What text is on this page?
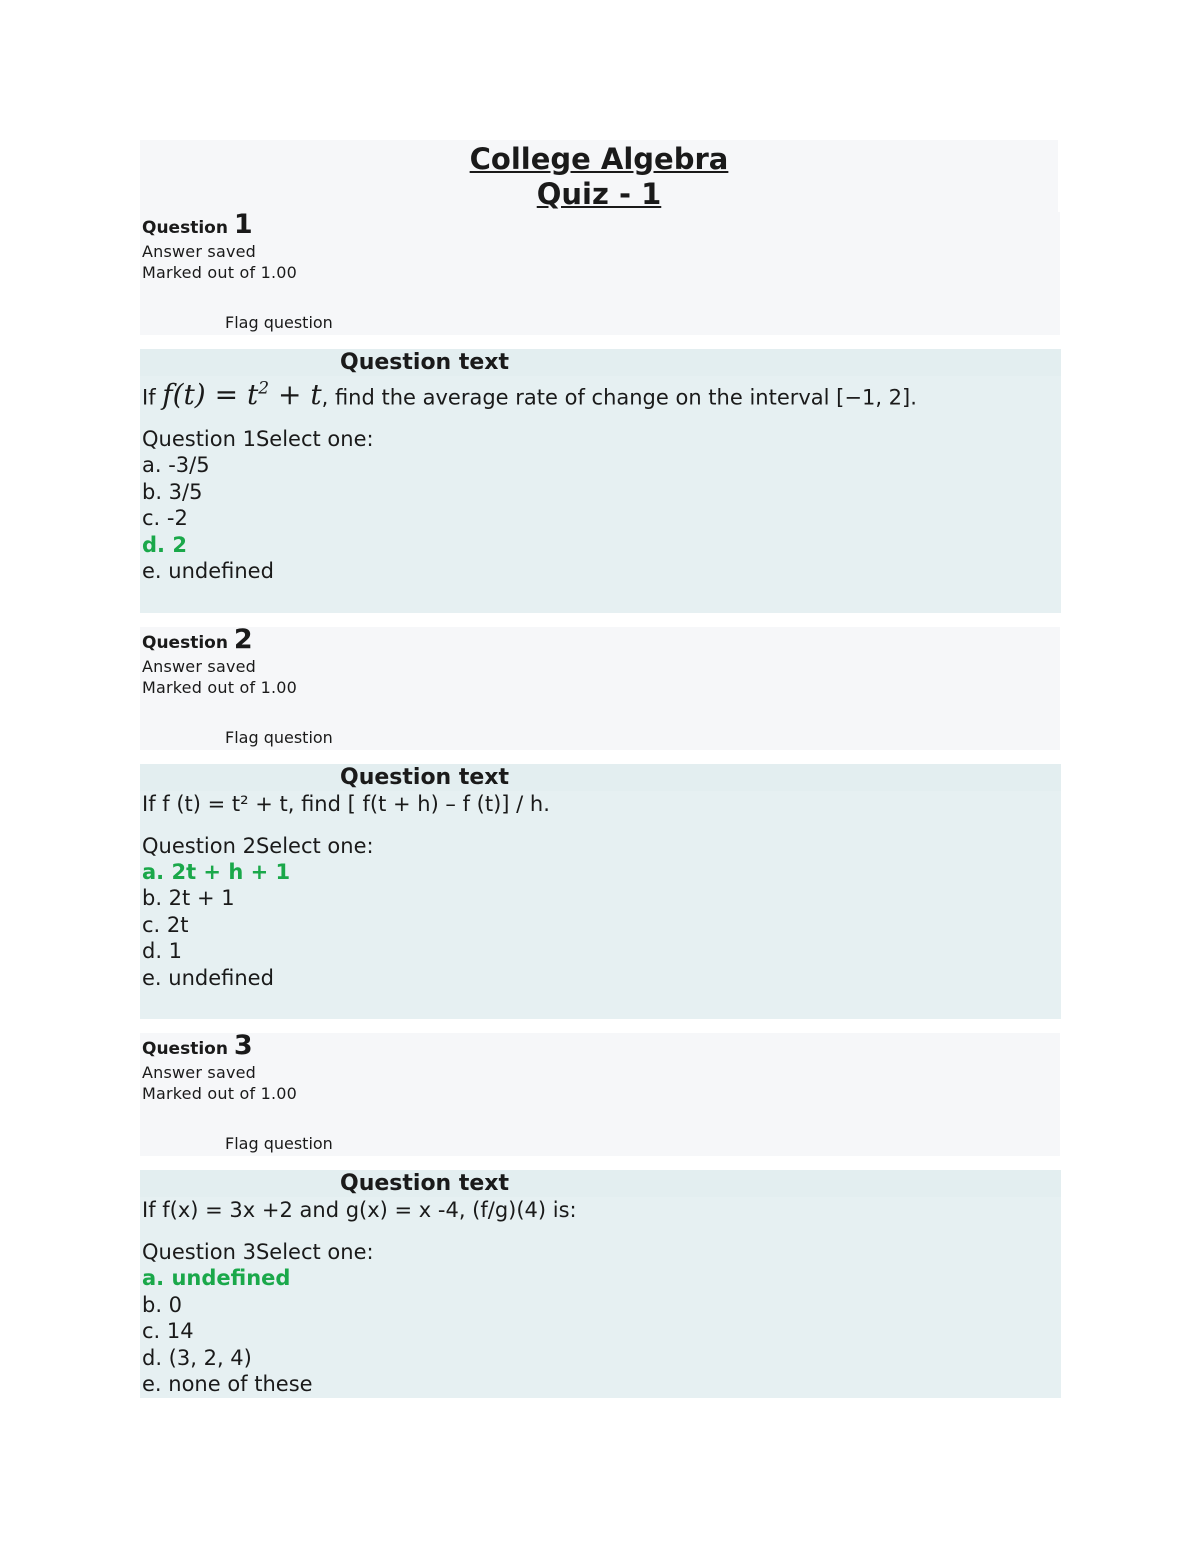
College Algebra
Quiz - 1
Question 1
Answer saved
Marked out of 1.00
Flag question
Question text
If $f(t) = t^2 + t$, find the average rate of change on the interval [−1, 2].
Question 1Select one:
a. -3/5
b. 3/5
c. -2
d. 2
e. undefined
Question 2
Answer saved
Marked out of 1.00
Flag question
Question text
If f (t) = t² + t, find [ f(t + h) – f (t)] / h.
Question 2Select one:
a. 2t + h + 1
b. 2t + 1
c. 2t
d. 1
e. undefined
Question 3
Answer saved
Marked out of 1.00
Flag question
Question text
If f(x) = 3x +2 and g(x) = x -4, (f/g)(4) is:
Question 3Select one:
a. undefined
b. 0
c. 14
d. (3, 2, 4)
e. none of these
